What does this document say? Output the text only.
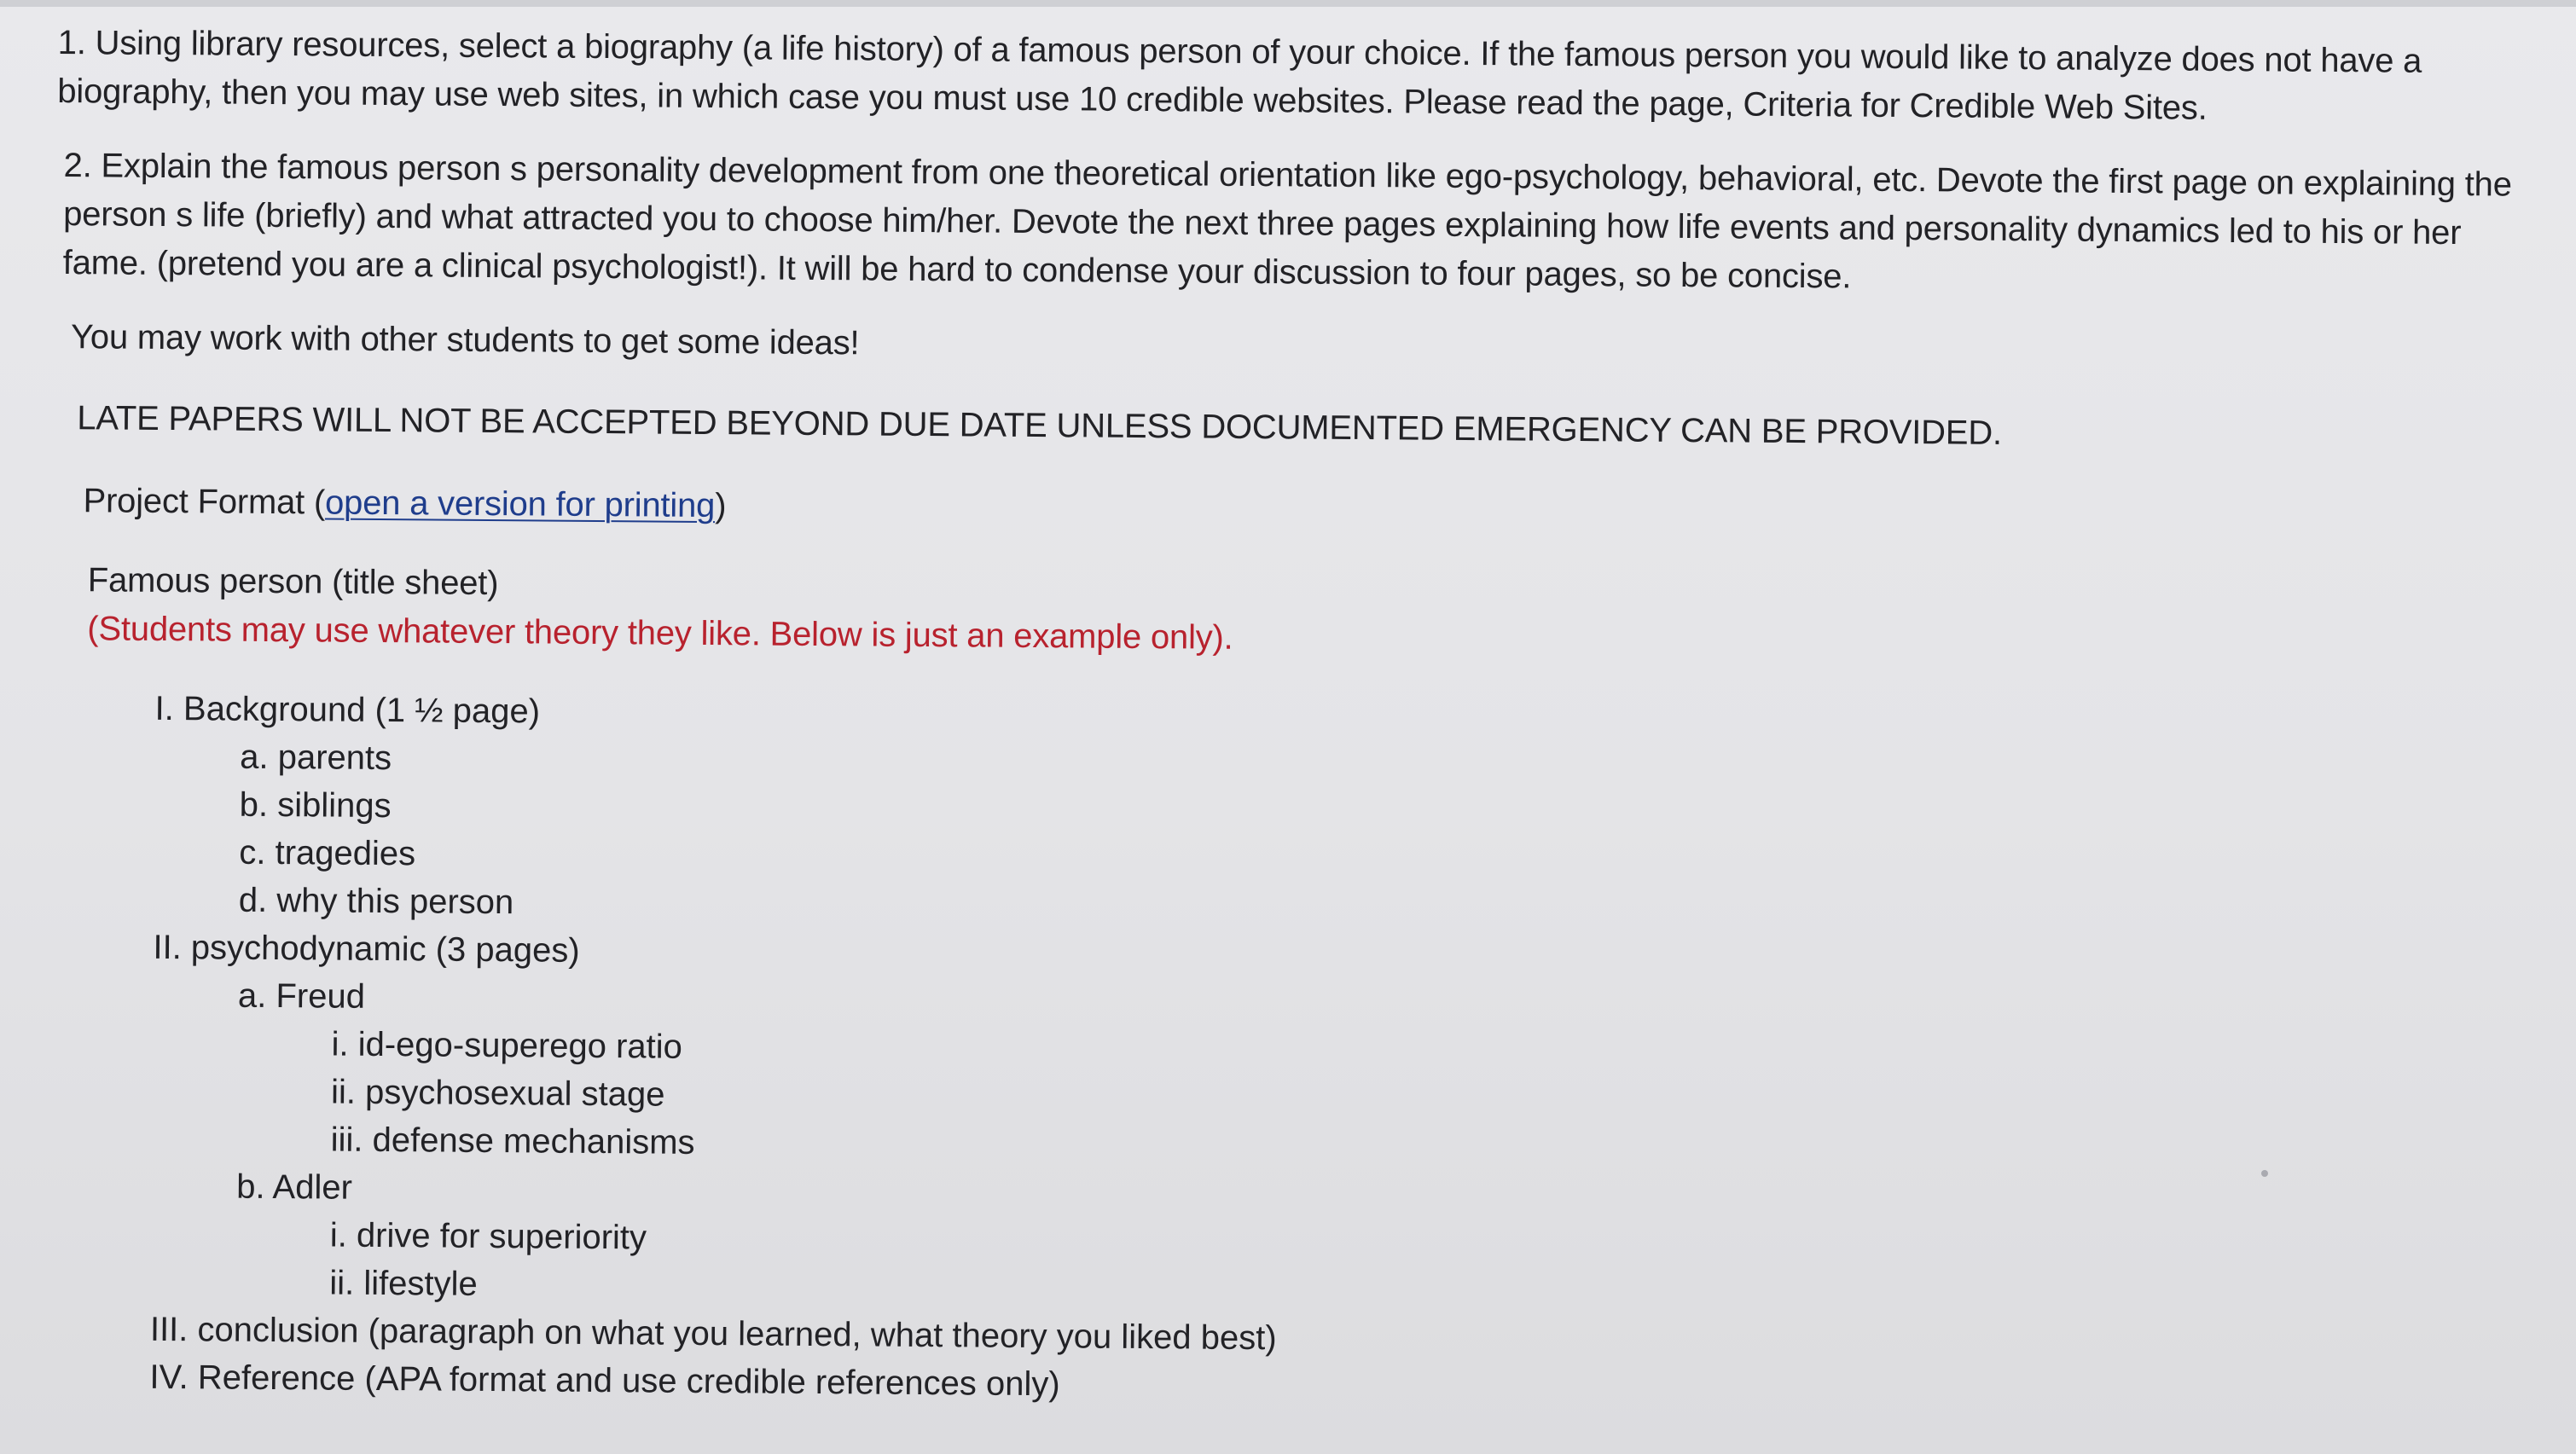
1. Using library resources, select a biography (a life history) of a famous person of your choice. If the famous person you would like to analyze does not have a biography, then you may use web sites, in which case you must use 10 credible websites. Please read the page, Criteria for Credible Web Sites.

2. Explain the famous person s personality development from one theoretical orientation like ego-psychology, behavioral, etc. Devote the first page on explaining the person s life (briefly) and what attracted you to choose him/her. Devote the next three pages explaining how life events and personality dynamics led to his or her fame. (pretend you are a clinical psychologist!). It will be hard to condense your discussion to four pages, so be concise.

You may work with other students to get some ideas!

LATE PAPERS WILL NOT BE ACCEPTED BEYOND DUE DATE UNLESS DOCUMENTED EMERGENCY CAN BE PROVIDED.

Project Format (open a version for printing)

Famous person (title sheet)

(Students may use whatever theory they like. Below is just an example only).

I. Background (1 ½ page)
a. parents
b. siblings
c. tragedies
d. why this person
II. psychodynamic (3 pages)
a. Freud
i. id-ego-superego ratio
ii. psychosexual stage
iii. defense mechanisms
b. Adler
i. drive for superiority
ii. lifestyle
III. conclusion (paragraph on what you learned, what theory you liked best)
IV. Reference (APA format and use credible references only)
